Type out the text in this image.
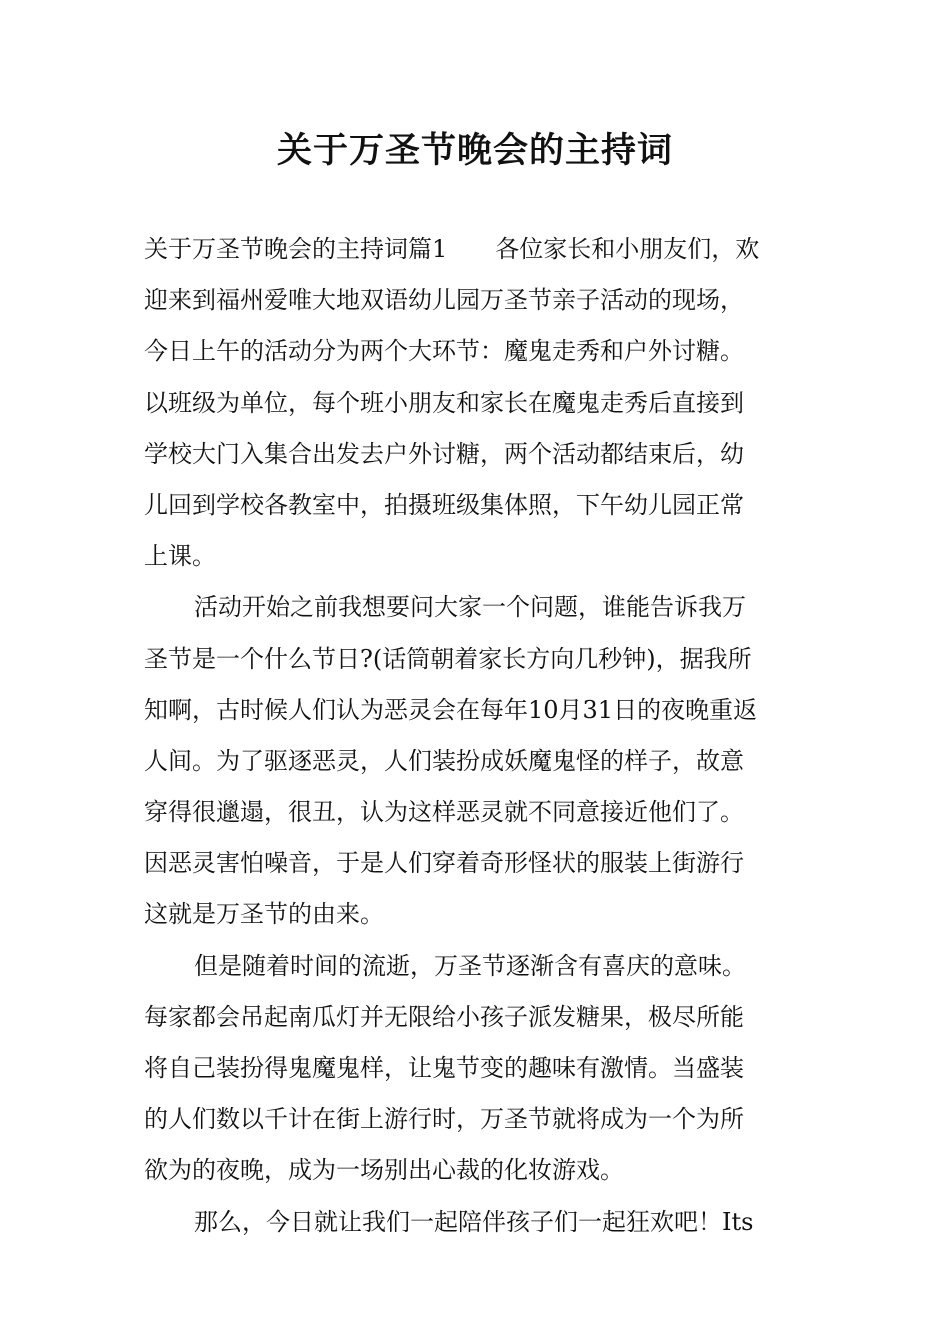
关于万圣节晚会的主持词
关于万圣节晚会的主持词篇1　　各位家长和小朋友们，欢
迎来到福州爱唯大地双语幼儿园万圣节亲子活动的现场，
今日上午的活动分为两个大环节：魔鬼走秀和户外讨糖。
以班级为单位，每个班小朋友和家长在魔鬼走秀后直接到
学校大门入集合出发去户外讨糖，两个活动都结束后，幼
儿回到学校各教室中，拍摄班级集体照，下午幼儿园正常
上课。
活动开始之前我想要问大家一个问题，谁能告诉我万
圣节是一个什么节日?(话筒朝着家长方向几秒钟)，据我所
知啊，古时候人们认为恶灵会在每年10月31日的夜晚重返
人间。为了驱逐恶灵，人们装扮成妖魔鬼怪的样子，故意
穿得很邋遢，很丑，认为这样恶灵就不同意接近他们了。
因恶灵害怕噪音，于是人们穿着奇形怪状的服装上街游行
这就是万圣节的由来。
但是随着时间的流逝，万圣节逐渐含有喜庆的意味。
每家都会吊起南瓜灯并无限给小孩子派发糖果，极尽所能
将自己装扮得鬼魔鬼样，让鬼节变的趣味有激情。当盛装
的人们数以千计在街上游行时，万圣节就将成为一个为所
欲为的夜晚，成为一场别出心裁的化妆游戏。
那么，今日就让我们一起陪伴孩子们一起狂欢吧！Its
